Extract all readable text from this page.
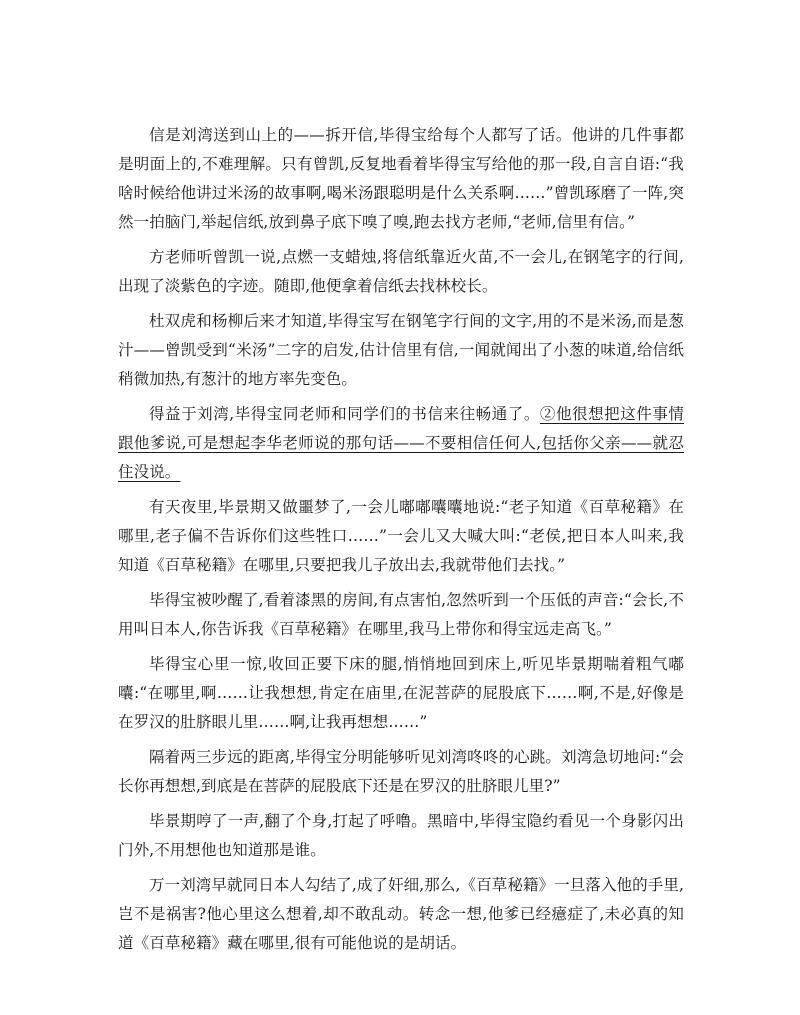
信是刘湾送到山上的——拆开信,毕得宝给每个人都写了话。他讲的几件事都是明面上的,不难理解。只有曾凯,反复地看着毕得宝写给他的那一段,自言自语:“我啥时候给他讲过米汤的故事啊,喝米汤跟聪明是什么关系啊……”曾凯琢磨了一阵,突然一拍脑门,举起信纸,放到鼻子底下嗅了嗅,跑去找方老师,“老师,信里有信。”

方老师听曾凯一说,点燃一支蜡烛,将信纸靠近火苗,不一会儿,在钢笔字的行间,出现了淡紫色的字迹。随即,他便拿着信纸去找林校长。

杜双虎和杨柳后来才知道,毕得宝写在钢笔字行间的文字,用的不是米汤,而是葱汁——曾凯受到“米汤”二字的启发,估计信里有信,一闻就闻出了小葱的味道,给信纸稍微加热,有葱汁的地方率先变色。

得益于刘湾,毕得宝同老师和同学们的书信来往畅通了。②他很想把这件事情跟他爹说,可是想起李华老师说的那句话——不要相信任何人,包括你父亲——就忍住没说。

有天夜里,毕景期又做噩梦了,一会儿嘟嘟囔囔地说:“老子知道《百草秘籍》在哪里,老子偏不告诉你们这些牲口……”一会儿又大喊大叫:“老侯,把日本人叫来,我知道《百草秘籍》在哪里,只要把我儿子放出去,我就带他们去找。”

毕得宝被吵醒了,看着漆黑的房间,有点害怕,忽然听到一个压低的声音:“会长,不用叫日本人,你告诉我《百草秘籍》在哪里,我马上带你和得宝远走高飞。”

毕得宝心里一惊,收回正要下床的腿,悄悄地回到床上,听见毕景期喘着粗气嘟囔:“在哪里,啊……让我想想,肯定在庙里,在泥菩萨的屁股底下……啊,不是,好像是在罗汉的肚脐眼儿里……啊,让我再想想……”

隔着两三步远的距离,毕得宝分明能够听见刘湾咚咚的心跳。刘湾急切地问:“会长你再想想,到底是在菩萨的屁股底下还是在罗汉的肚脐眼儿里?”

毕景期哼了一声,翻了个身,打起了呼噜。黑暗中,毕得宝隐约看见一个身影闪出门外,不用想他也知道那是谁。

万一刘湾早就同日本人勾结了,成了奸细,那么,《百草秘籍》一旦落入他的手里,岂不是祸害?他心里这么想着,却不敢乱动。转念一想,他爹已经癔症了,未必真的知道《百草秘籍》藏在哪里,很有可能他说的是胡话。
